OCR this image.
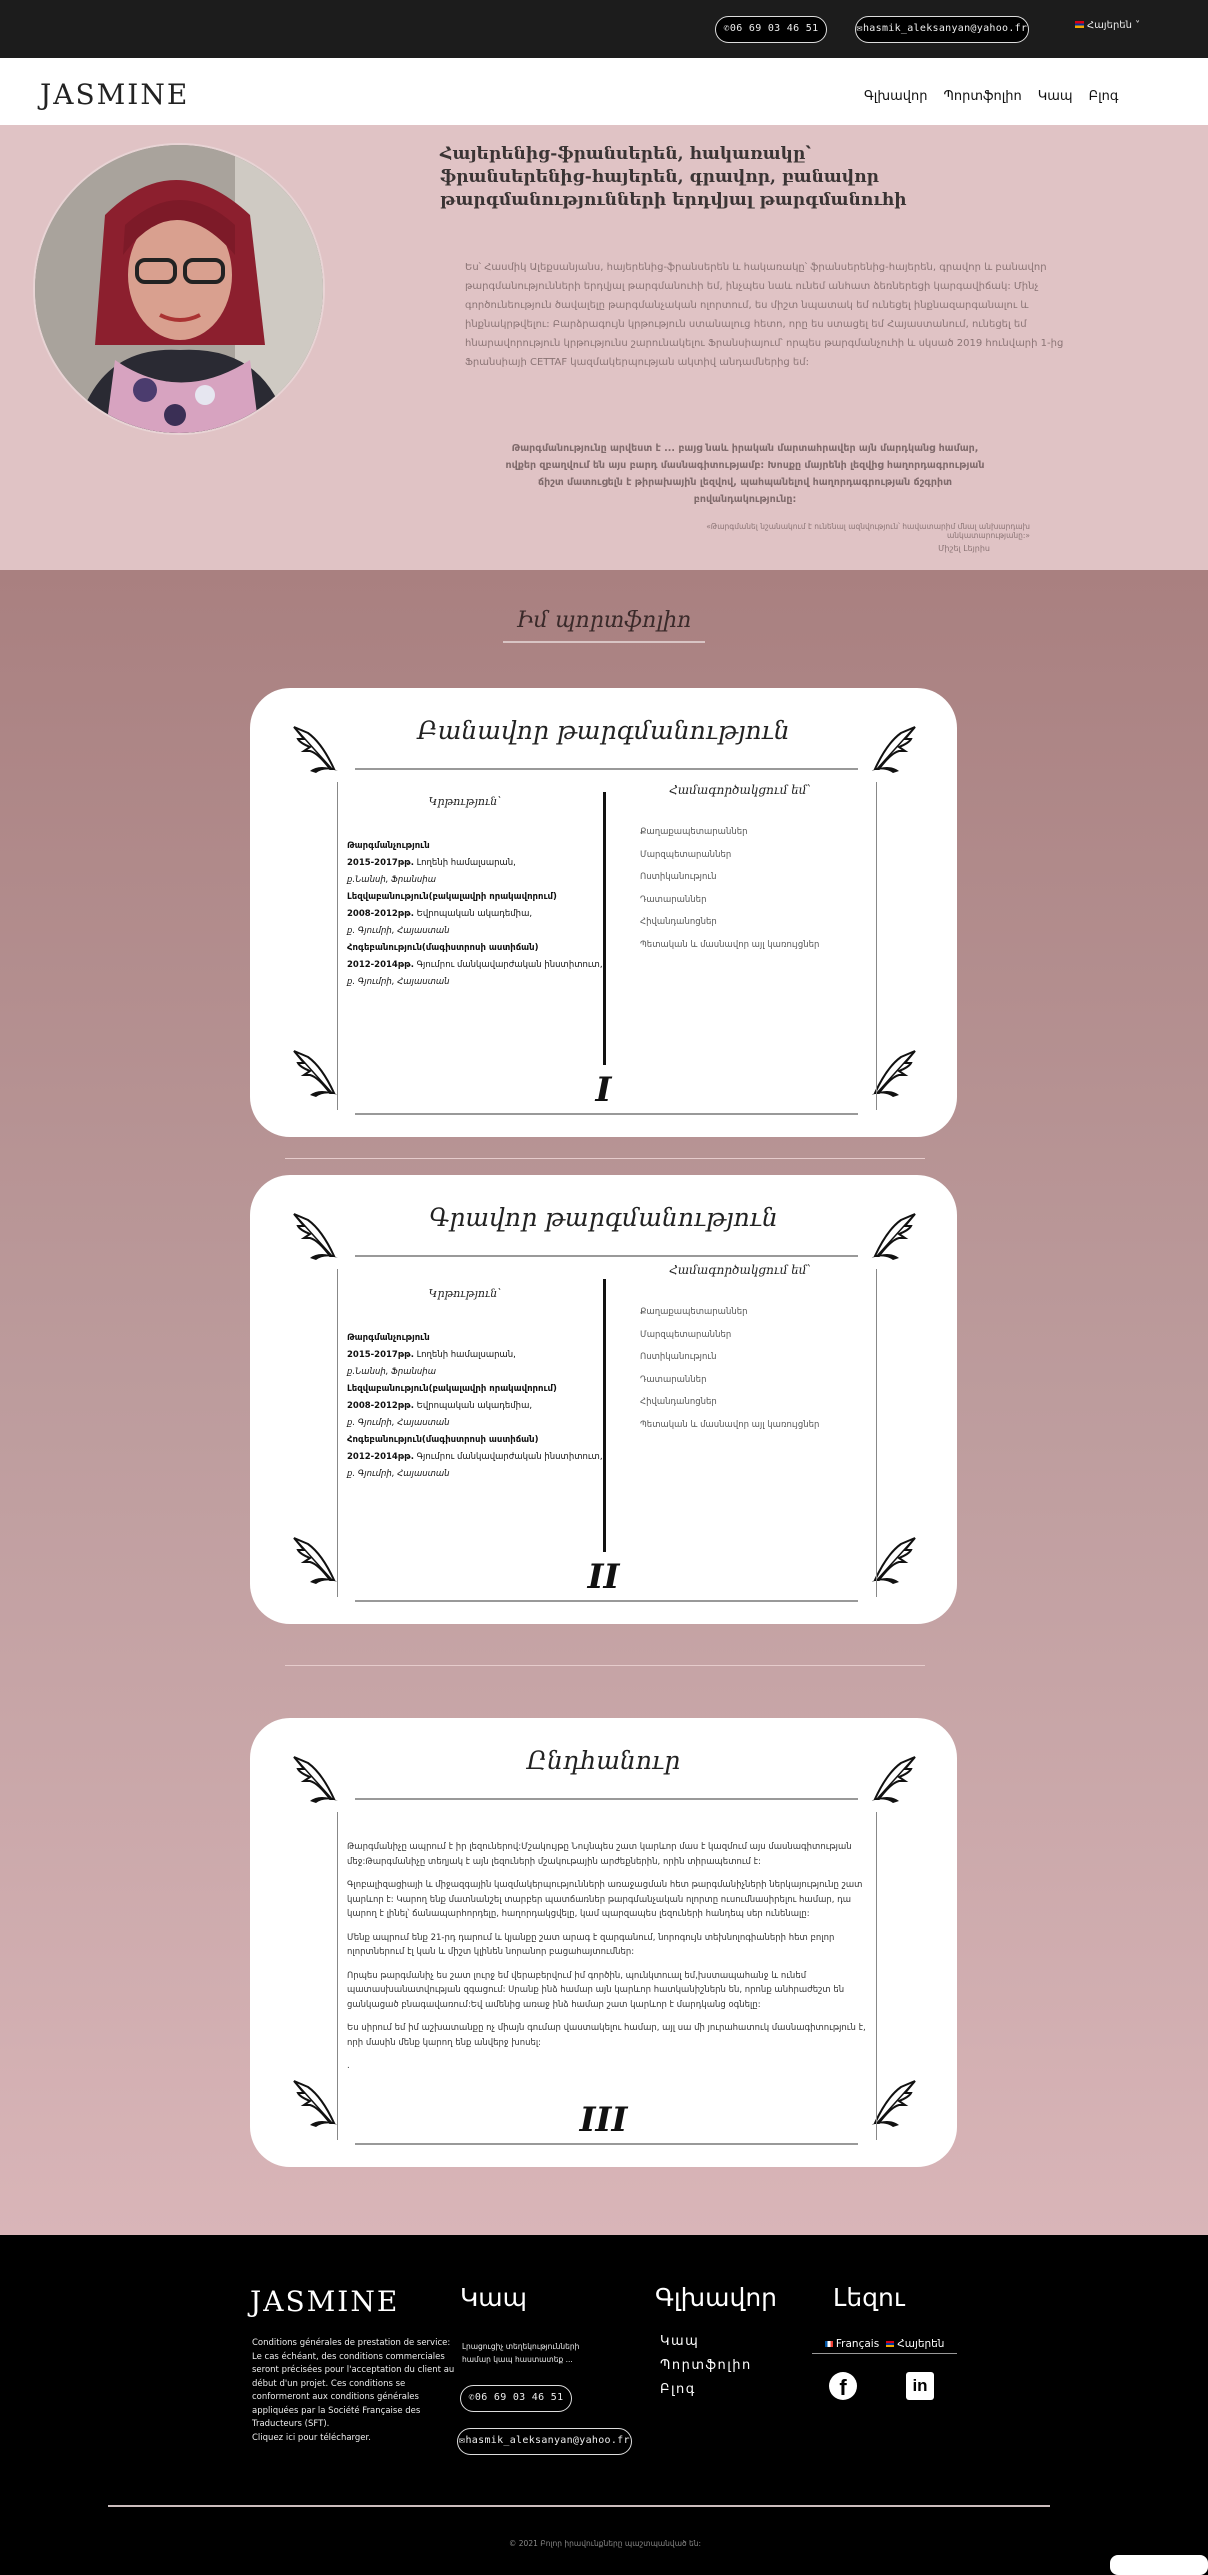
✆06 69 03 46 51	✉hasmik_aleksanyan@yahoo.fr	Հայերեն ˅
JASMINE	Գլխավոր Պորտֆոլիո Կապ Բլոգ
Հայերենից-ֆրանսերեն, հակառակը՝ ֆրանսերենից-հայերեն, գրավոր, բանավոր թարգմանությունների երդվյալ թարգմանուհի
Ես՝ Հասմիկ Ալեքսանյանս, հայերենից-ֆրանսերեն և հակառակը՝ ֆրանսերենից-հայերեն, գրավոր և բանավոր թարգմանությունների երդվյալ թարգմանուհի եմ, ինչպես նաև ունեմ անհատ ձեռներեցի կարգավիճակ: Մինչ գործունեություն ծավալելը թարգմանչական ոլորտում, ես միշտ նպատակ եմ ունեցել ինքնազարգանալու և ինքնակրթվելու: Բարձրագույն կրթություն ստանալուց հետո, որը ես ստացել եմ Հայաստանում, ունեցել եմ հնարավորություն կրթությունս շարունակելու Ֆրանսիայում՝ որպես թարգմանչուհի և սկսած 2019 հունվարի 1-ից Ֆրանսիայի CETTAF կազմակերպության ակտիվ անդամներից եմ:
Թարգմանությունը արվեստ է ... բայց նաև իրական մարտահրավեր այն մարդկանց համար, ովքեր զբաղվում են այս բարդ մասնագիտությամբ: Խոսքը մայրենի լեզվից հաղորդագրության ճիշտ մատուցելն է թիրախային լեզվով, պահպանելով հաղորդագրության ճշգրիտ բովանդակությունը:
«Թարգմանել նշանակում է ունենալ ազնվություն՝ հավատարիմ մնալ անխարդախ անկատարությանը:»
Միշել Լեյրիս
Իմ պորտֆոլիո
Բանավոր թարգմանություն
Կրթություն՝
Թարգմանչություն
2015-2017թթ. Լողենի համալսարան,
ք.Նանսի, Ֆրանսիա
Լեզվաբանություն(բակալավրի որակավորում)
2008-2012թթ. Եվրոպական ակադեմիա,
ք. Գյումրի, Հայաստան
Հոգեբանություն(մագիստրոսի աստիճան)
2012-2014թթ. Գյումրու մանկավարժական ինստիտուտ,
ք. Գյումրի, Հայաստան
Համագործակցում եմ՝
Քաղաքապետարաններ
Մարզպետարաններ
Ոստիկանություն
Դատարաններ
Հիվանդանոցներ
Պետական և մասնավոր այլ կառույցներ
I
Գրավոր թարգմանություն
Կրթություն՝
Թարգմանչություն
2015-2017թթ. Լողենի համալսարան,
ք.Նանսի, Ֆրանսիա
Լեզվաբանություն(բակալավրի որակավորում)
2008-2012թթ. Եվրոպական ակադեմիա,
ք. Գյումրի, Հայաստան
Հոգեբանություն(մագիստրոսի աստիճան)
2012-2014թթ. Գյումրու մանկավարժական ինստիտուտ,
ք. Գյումրի, Հայաստան
Համագործակցում եմ՝
Քաղաքապետարաններ
Մարզպետարաններ
Ոստիկանություն
Դատարաններ
Հիվանդանոցներ
Պետական և մասնավոր այլ կառույցներ
II
Ընդհանուր

Թարգմանիչը ապրում է իր լեզուներով:Մշակույթը Նույնպես շատ կարևոր մաս է կազմում այս մասնագիտության մեջ:Թարգմանիչը տեղյակ է այն լեզուների մշակութային արժեքներին, որին տիրապետում է:

Գլոբալիզացիայի և միջազգային կազմակերպությունների առաջացման հետ թարգմանիչների ներկայությունը շատ կարևոր է: Կարող ենք մատնանշել տարբեր պատճառներ թարգմանչական ոլորտը ուսումնասիրելու համար, դա կարող է լինել՝ ճանապարհորդելը, հաղորդակցվելը, կամ պարզապես լեզուների հանդեպ սեր ունենալը:

Մենք ապրում ենք 21-րդ դարում և կյանքը շատ արագ է զարգանում, նորոգույն տեխնոլոգիաների հետ բոլոր ոլորտներում էլ կան և միշտ կլինեն նորանոր բացահայտումներ:

Որպես թարգմանիչ ես շատ լուրջ եմ վերաբերվում իմ գործին, պունկտուալ եմ,խստապահանջ և ունեմ պատասխանատվության զգացում: Սրանք ինձ համար այն կարևոր հատկանիշներն են, որոնք անհրաժեշտ են ցանկացած բնագավառում:Եվ ամենից առաջ ինձ համար շատ կարևոր է մարդկանց օգնելը:

Ես սիրում եմ իմ աշխատանքը ոչ միայն գումար վաստակելու համար, այլ սա մի յուրահատուկ մասնագիտություն է, որի մասին մենք կարող ենք անվերջ խոսել:

.

III
JASMINE
Conditions générales de prestation de service:
Le cas échéant, des conditions commerciales
seront précisées pour l'acceptation du client au
début d'un projet. Ces conditions se
conformeront aux conditions générales
appliquées par la Société Française des
Traducteurs (SFT).
Cliquez ici pour télécharger.
Կապ
Լրացուցիչ տեղեկությունների համար կապ հաստատեք ...
✆06 69 03 46 51
✉hasmik_aleksanyan@yahoo.fr
Գլխավոր
Կապ
Պորտֆոլիո
Բլոգ
Լեզու
Français Հայերեն
f	in
© 2021 Բոլոր իրավունքները պաշտպանված են:
